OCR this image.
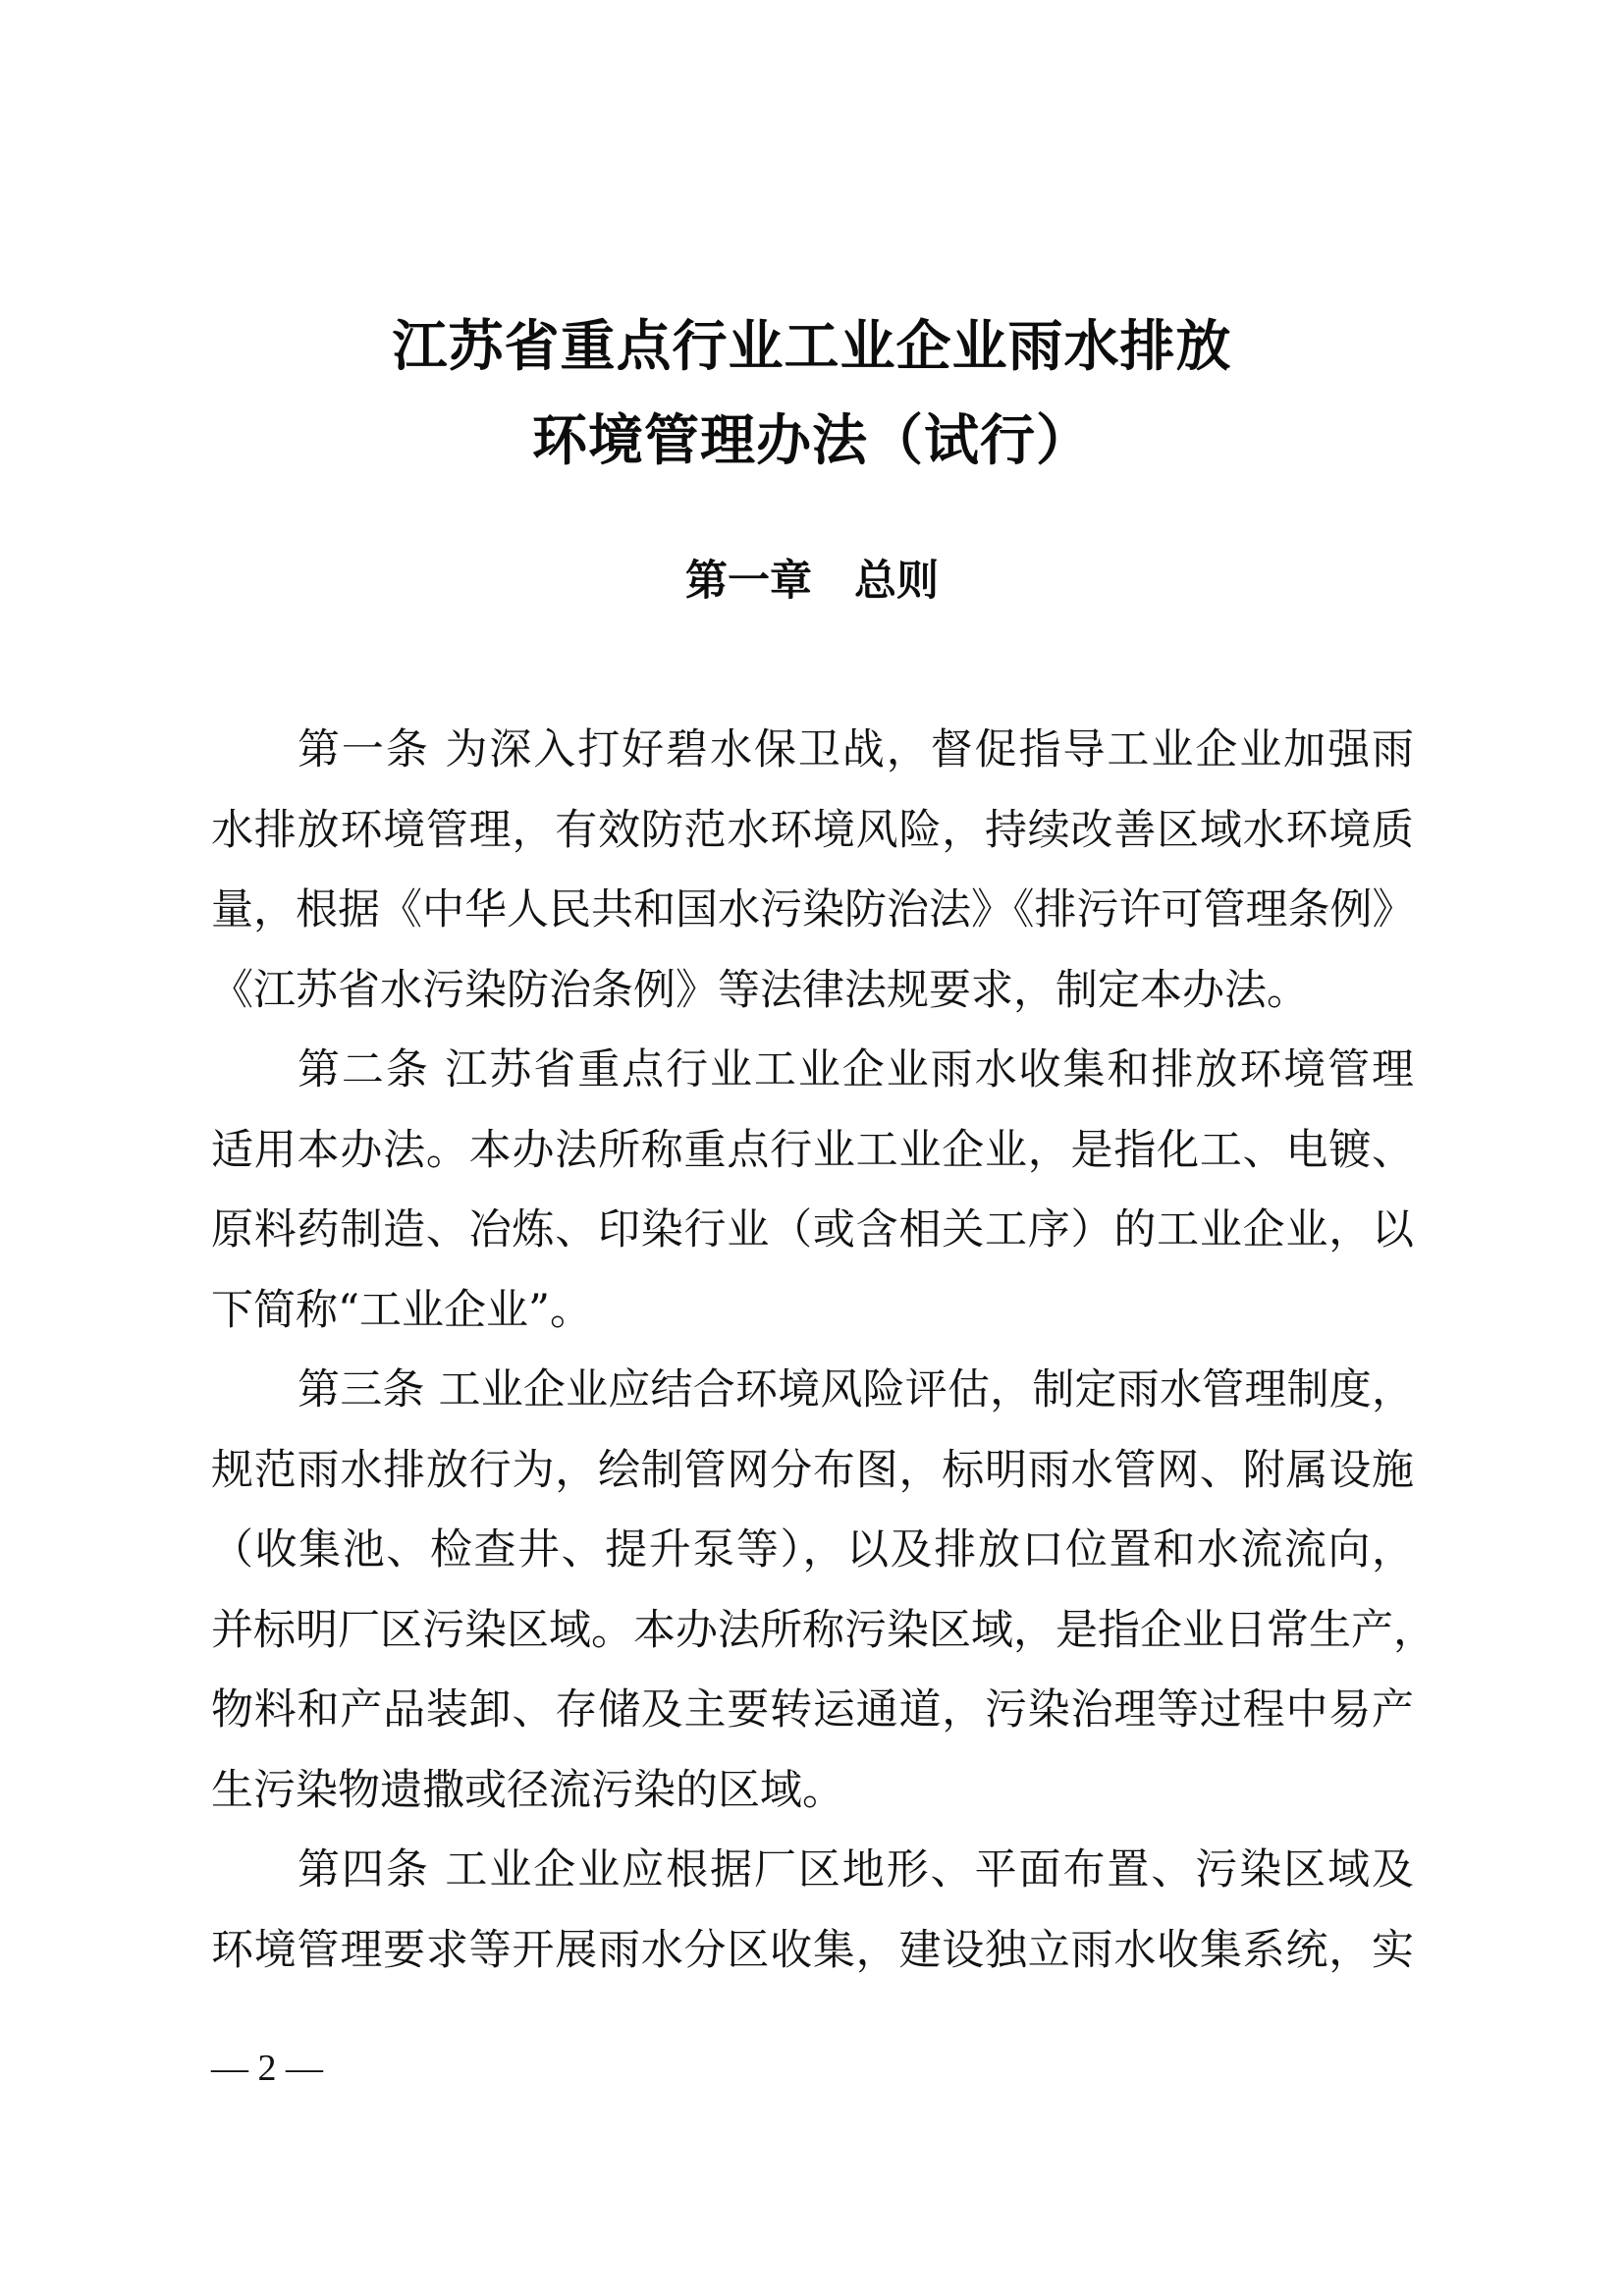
江苏省重点行业工业企业雨水排放
环境管理办法（试行）
第一章　总则
第一条 为深入打好碧水保卫战，督促指导工业企业加强雨
水排放环境管理，有效防范水环境风险，持续改善区域水环境质
量，根据《中华人民共和国水污染防治法》《排污许可管理条例》
《江苏省水污染防治条例》等法律法规要求，制定本办法。
第二条 江苏省重点行业工业企业雨水收集和排放环境管理
适用本办法。本办法所称重点行业工业企业，是指化工、电镀、
原料药制造、冶炼、印染行业（或含相关工序）的工业企业，以
下简称“工业企业”。
第三条 工业企业应结合环境风险评估，制定雨水管理制度，
规范雨水排放行为，绘制管网分布图，标明雨水管网、附属设施
（收集池、检查井、提升泵等），以及排放口位置和水流流向，
并标明厂区污染区域。本办法所称污染区域，是指企业日常生产，
物料和产品装卸、存储及主要转运通道，污染治理等过程中易产
生污染物遗撒或径流污染的区域。
第四条 工业企业应根据厂区地形、平面布置、污染区域及
环境管理要求等开展雨水分区收集，建设独立雨水收集系统，实
— 2 —
